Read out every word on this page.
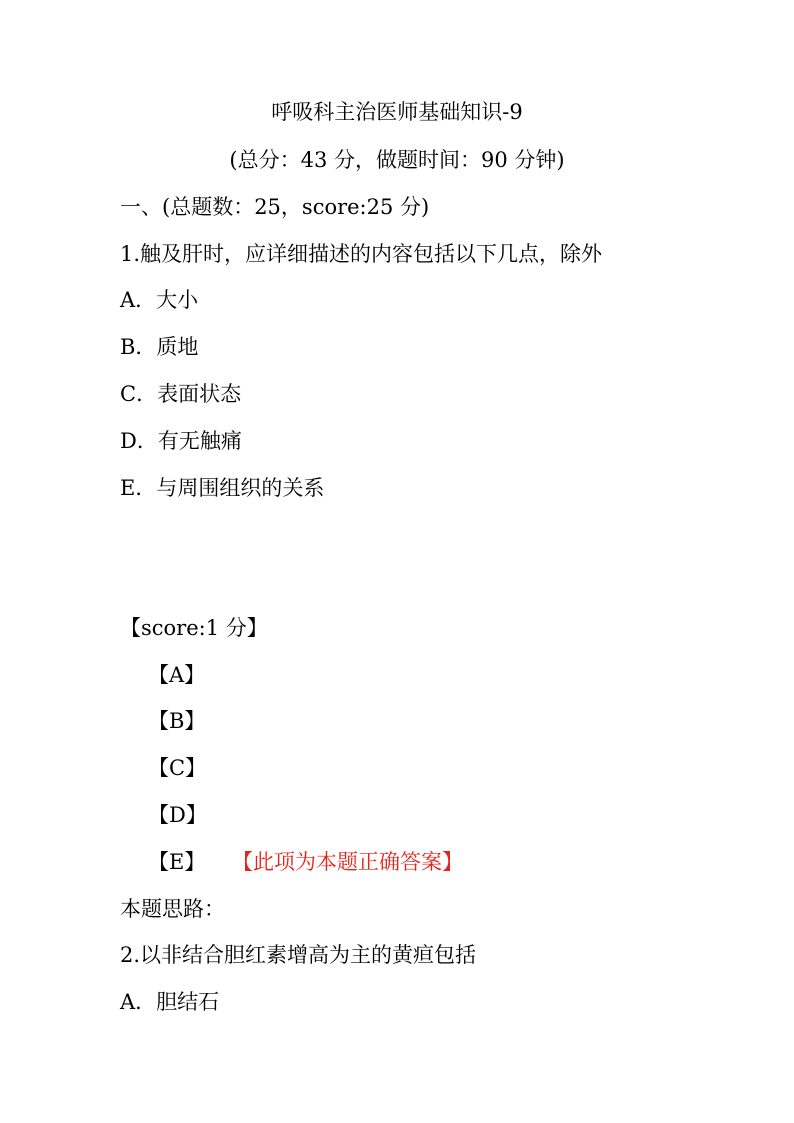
呼吸科主治医师基础知识-9
(总分：43 分，做题时间：90 分钟)
一、(总题数：25，score:25 分)
1.触及肝时，应详细描述的内容包括以下几点，除外
A．大小
B．质地
C．表面状态
D．有无触痛
E．与周围组织的关系
【score:1 分】
【A】
【B】
【C】
【D】
【E】 【此项为本题正确答案】
本题思路：
2.以非结合胆红素增高为主的黄疸包括
A．胆结石
